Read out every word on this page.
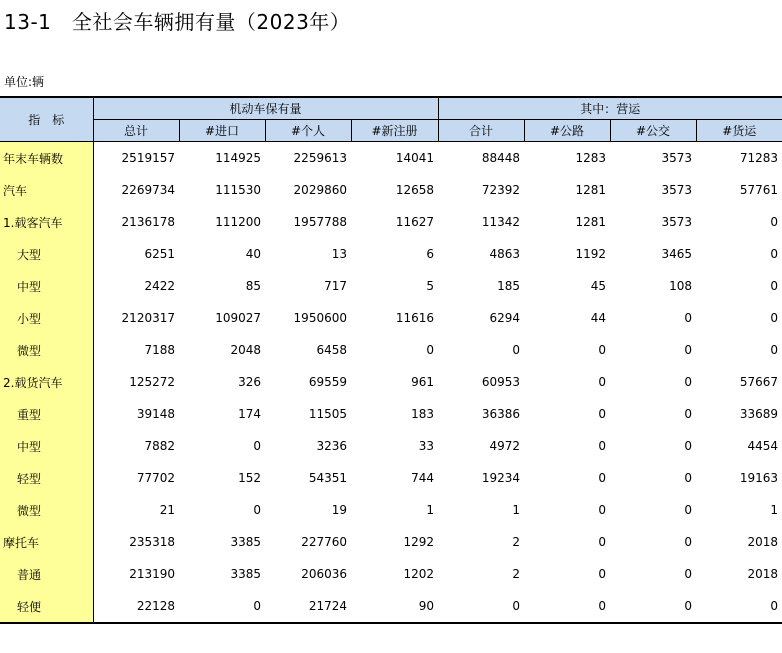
13-1　全社会车辆拥有量（2023年）
单位:辆
指　标	机动车保有量				其中：营运			
	总计	#进口	#个人	#新注册	合计	#公路	#公交	#货运
年末车辆数	2519157	114925	2259613	14041	88448	1283	3573	71283
汽车	2269734	111530	2029860	12658	72392	1281	3573	57761
1.载客汽车	2136178	111200	1957788	11627	11342	1281	3573	0
大型	6251	40	13	6	4863	1192	3465	0
中型	2422	85	717	5	185	45	108	0
小型	2120317	109027	1950600	11616	6294	44	0	0
微型	7188	2048	6458	0	0	0	0	0
2.载货汽车	125272	326	69559	961	60953	0	0	57667
重型	39148	174	11505	183	36386	0	0	33689
中型	7882	0	3236	33	4972	0	0	4454
轻型	77702	152	54351	744	19234	0	0	19163
微型	21	0	19	1	1	0	0	1
摩托车	235318	3385	227760	1292	2	0	0	2018
普通	213190	3385	206036	1202	2	0	0	2018
轻便	22128	0	21724	90	0	0	0	0
